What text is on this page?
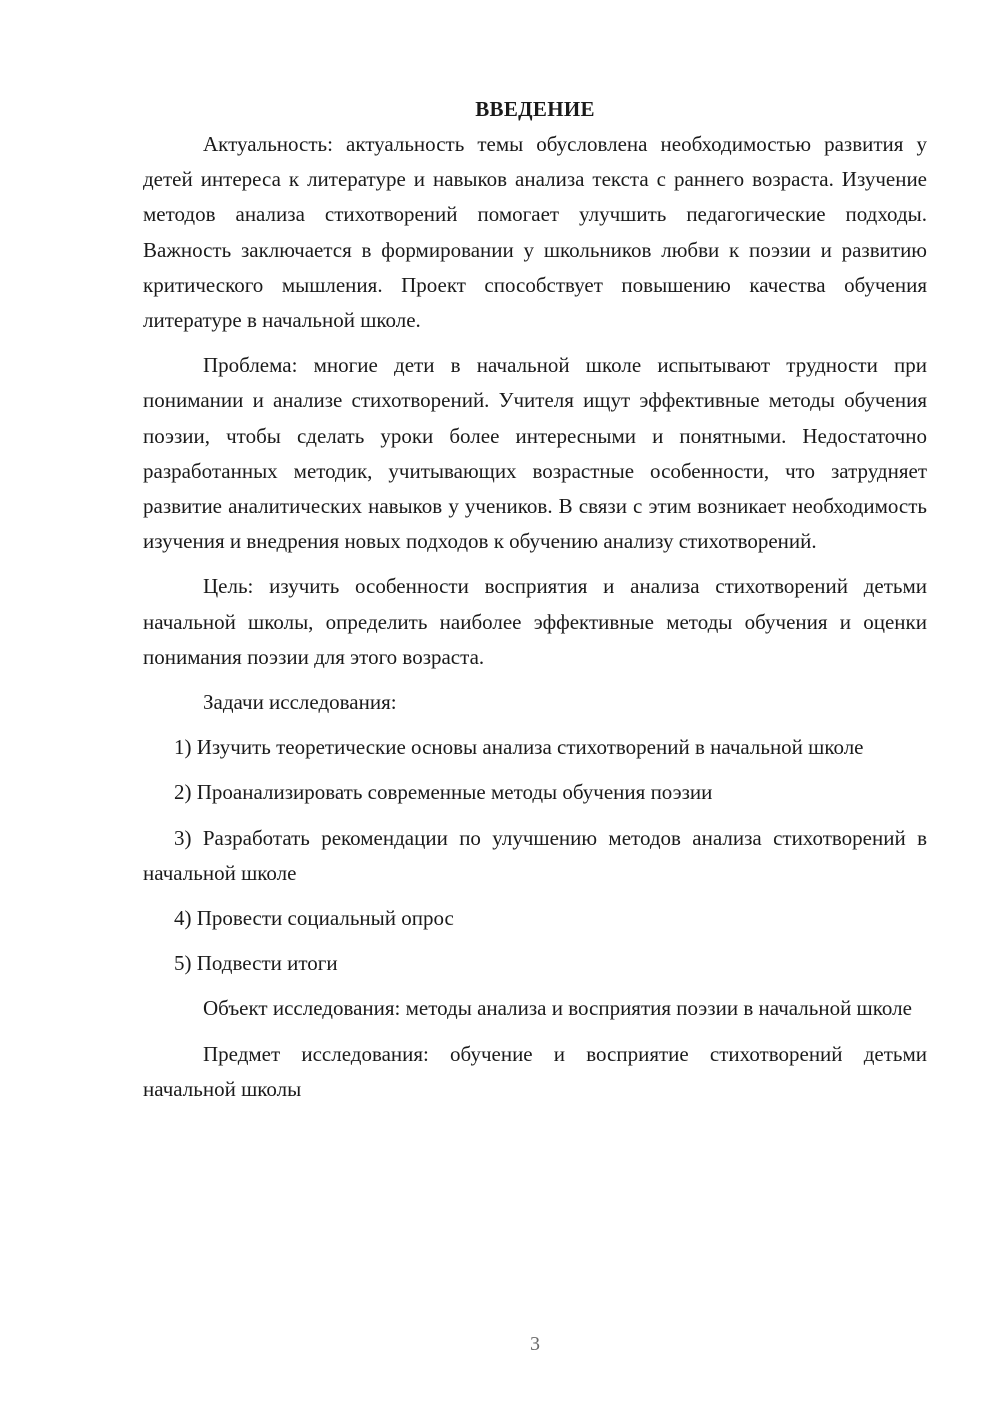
ВВЕДЕНИЕ

Актуальность: актуальность темы обусловлена необходимостью развития у детей интереса к литературе и навыков анализа текста с раннего возраста. Изучение методов анализа стихотворений помогает улучшить педагогические подходы. Важность заключается в формировании у школьников любви к поэзии и развитию критического мышления. Проект способствует повышению качества обучения литературе в начальной школе.

Проблема: многие дети в начальной школе испытывают трудности при понимании и анализе стихотворений. Учителя ищут эффективные методы обучения поэзии, чтобы сделать уроки более интересными и понятными. Недостаточно разработанных методик, учитывающих возрастные особенности, что затрудняет развитие аналитических навыков у учеников. В связи с этим возникает необходимость изучения и внедрения новых подходов к обучению анализу стихотворений.

Цель: изучить особенности восприятия и анализа стихотворений детьми начальной школы, определить наиболее эффективные методы обучения и оценки понимания поэзии для этого возраста.

Задачи исследования:

1) Изучить теоретические основы анализа стихотворений в начальной школе

2) Проанализировать современные методы обучения поэзии

3) Разработать рекомендации по улучшению методов анализа стихотворений в начальной школе

4) Провести социальный опрос

5) Подвести итоги

Объект исследования: методы анализа и восприятия поэзии в начальной школе

Предмет исследования: обучение и восприятие стихотворений детьми начальной школы

3
